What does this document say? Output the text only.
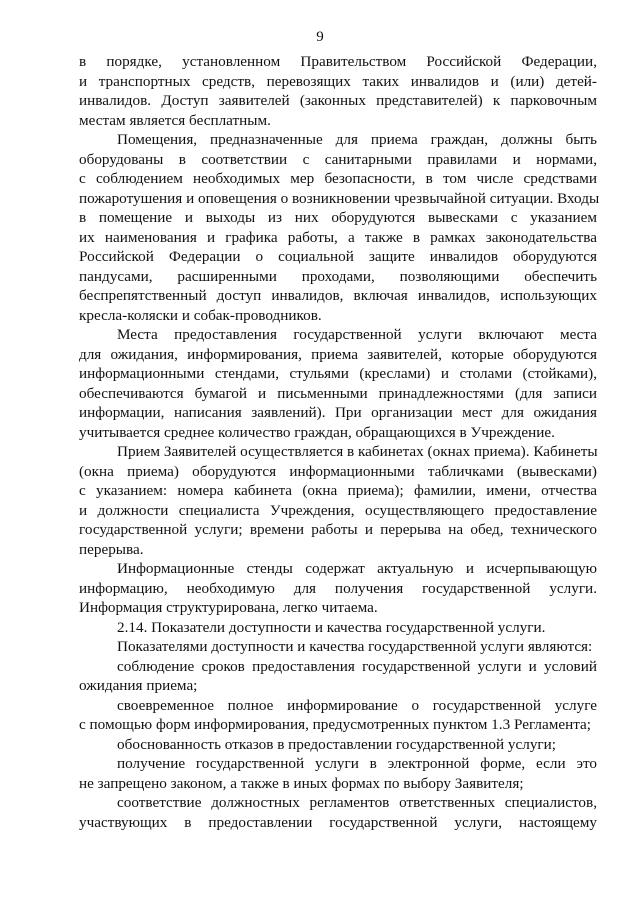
9
в порядке, установленном Правительством Российской Федерации,
и транспортных средств, перевозящих таких инвалидов и (или) детей-
инвалидов. Доступ заявителей (законных представителей) к парковочным
местам является бесплатным.
Помещения, предназначенные для приема граждан, должны быть
оборудованы в соответствии с санитарными правилами и нормами,
с соблюдением необходимых мер безопасности, в том числе средствами
пожаротушения и оповещения о возникновении чрезвычайной ситуации. Входы
в помещение и выходы из них оборудуются вывесками с указанием
их наименования и графика работы, а также в рамках законодательства
Российской Федерации о социальной защите инвалидов оборудуются
пандусами, расширенными проходами, позволяющими обеспечить
беспрепятственный доступ инвалидов, включая инвалидов, использующих
кресла-коляски и собак-проводников.
Места предоставления государственной услуги включают места
для ожидания, информирования, приема заявителей, которые оборудуются
информационными стендами, стульями (креслами) и столами (стойками),
обеспечиваются бумагой и письменными принадлежностями (для записи
информации, написания заявлений). При организации мест для ожидания
учитывается среднее количество граждан, обращающихся в Учреждение.
Прием Заявителей осуществляется в кабинетах (окнах приема). Кабинеты
(окна приема) оборудуются информационными табличками (вывесками)
с указанием: номера кабинета (окна приема); фамилии, имени, отчества
и должности специалиста Учреждения, осуществляющего предоставление
государственной услуги; времени работы и перерыва на обед, технического
перерыва.
Информационные стенды содержат актуальную и исчерпывающую
информацию, необходимую для получения государственной услуги.
Информация структурирована, легко читаема.
2.14. Показатели доступности и качества государственной услуги.
Показателями доступности и качества государственной услуги являются:
соблюдение сроков предоставления государственной услуги и условий
ожидания приема;
своевременное полное информирование о государственной услуге
с помощью форм информирования, предусмотренных пунктом 1.3 Регламента;
обоснованность отказов в предоставлении государственной услуги;
получение государственной услуги в электронной форме, если это
не запрещено законом, а также в иных формах по выбору Заявителя;
соответствие должностных регламентов ответственных специалистов,
участвующих в предоставлении государственной услуги, настоящему
